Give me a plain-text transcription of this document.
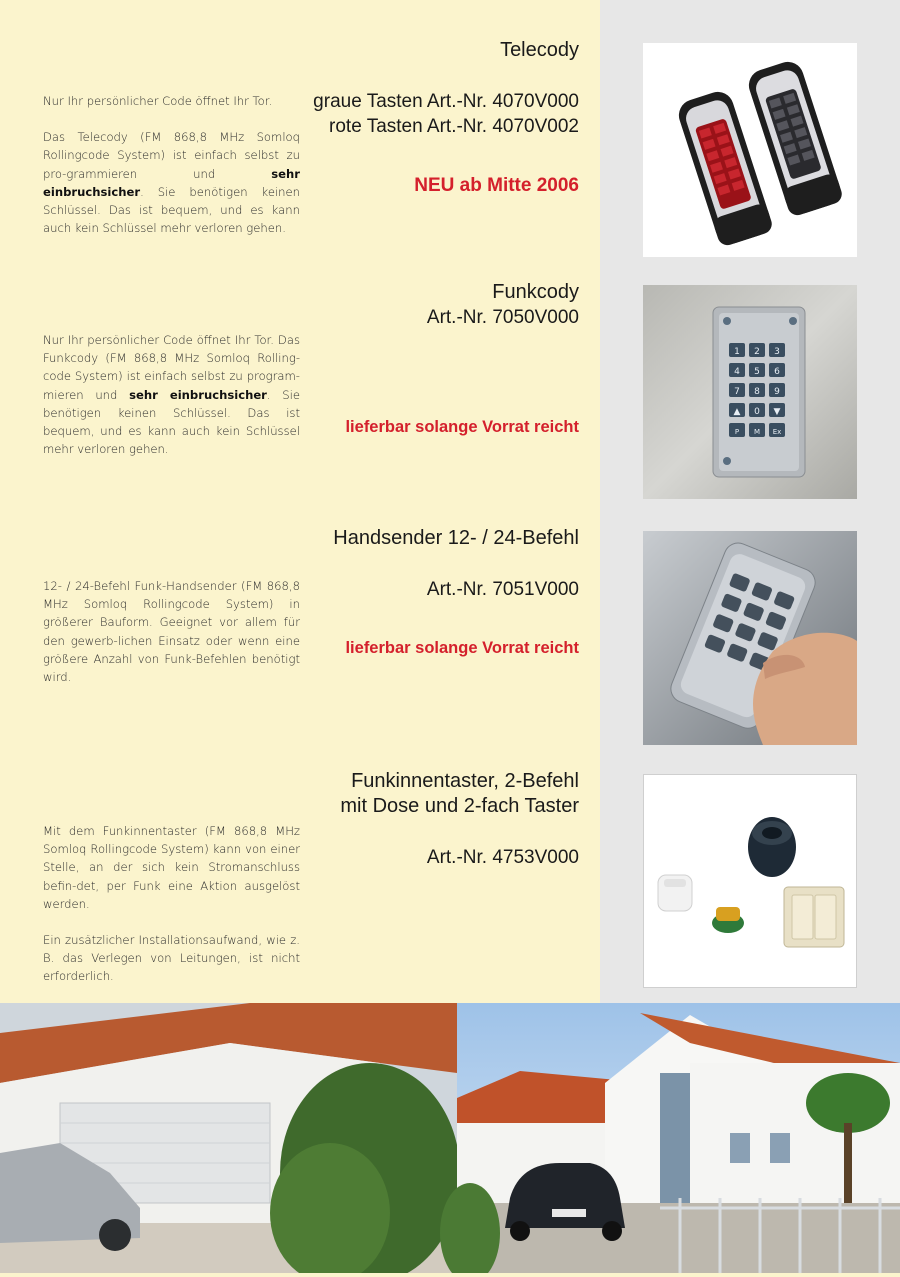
Nur Ihr persönlicher Code öffnet Ihr Tor.

Das Telecody (FM 868,8 MHz Somloq Rollingcode System) ist einfach selbst zu pro-grammieren und sehr einbruchsicher. Sie benötigen keinen Schlüssel. Das ist bequem, und es kann auch kein Schlüssel mehr verloren gehen.

Telecody

graue Tasten Art.-Nr. 4070V000

rote Tasten Art.-Nr. 4070V002

NEU ab Mitte 2006

Nur Ihr persönlicher Code öffnet Ihr Tor. Das Funkcody (FM 868,8 MHz Somloq Rolling-code System) ist einfach selbst zu program-mieren und sehr einbruchsicher. Sie benötigen keinen Schlüssel. Das ist bequem, und es kann auch kein Schlüssel mehr verloren gehen.

Funkcody

Art.-Nr. 7050V000

lieferbar solange Vorrat reicht

1 2 3
4 5 6
7 8 9
▲ 0 ▼
P M Ex

12- / 24-Befehl Funk-Handsender (FM 868,8 MHz Somloq Rollingcode System) in größerer Bauform. Geeignet vor allem für den gewerb-lichen Einsatz oder wenn eine größere Anzahl von Funk-Befehlen benötigt wird.

Handsender 12- / 24-Befehl

Art.-Nr. 7051V000

lieferbar solange Vorrat reicht

Mit dem Funkinnentaster (FM 868,8 MHz Somloq Rollingcode System) kann von einer Stelle, an der sich kein Stromanschluss befin-det, per Funk eine Aktion ausgelöst werden.

Ein zusätzlicher Installationsaufwand, wie z. B. das Verlegen von Leitungen, ist nicht erforderlich.

Funkinnentaster, 2-Befehl

mit Dose und 2-fach Taster

Art.-Nr. 4753V000
